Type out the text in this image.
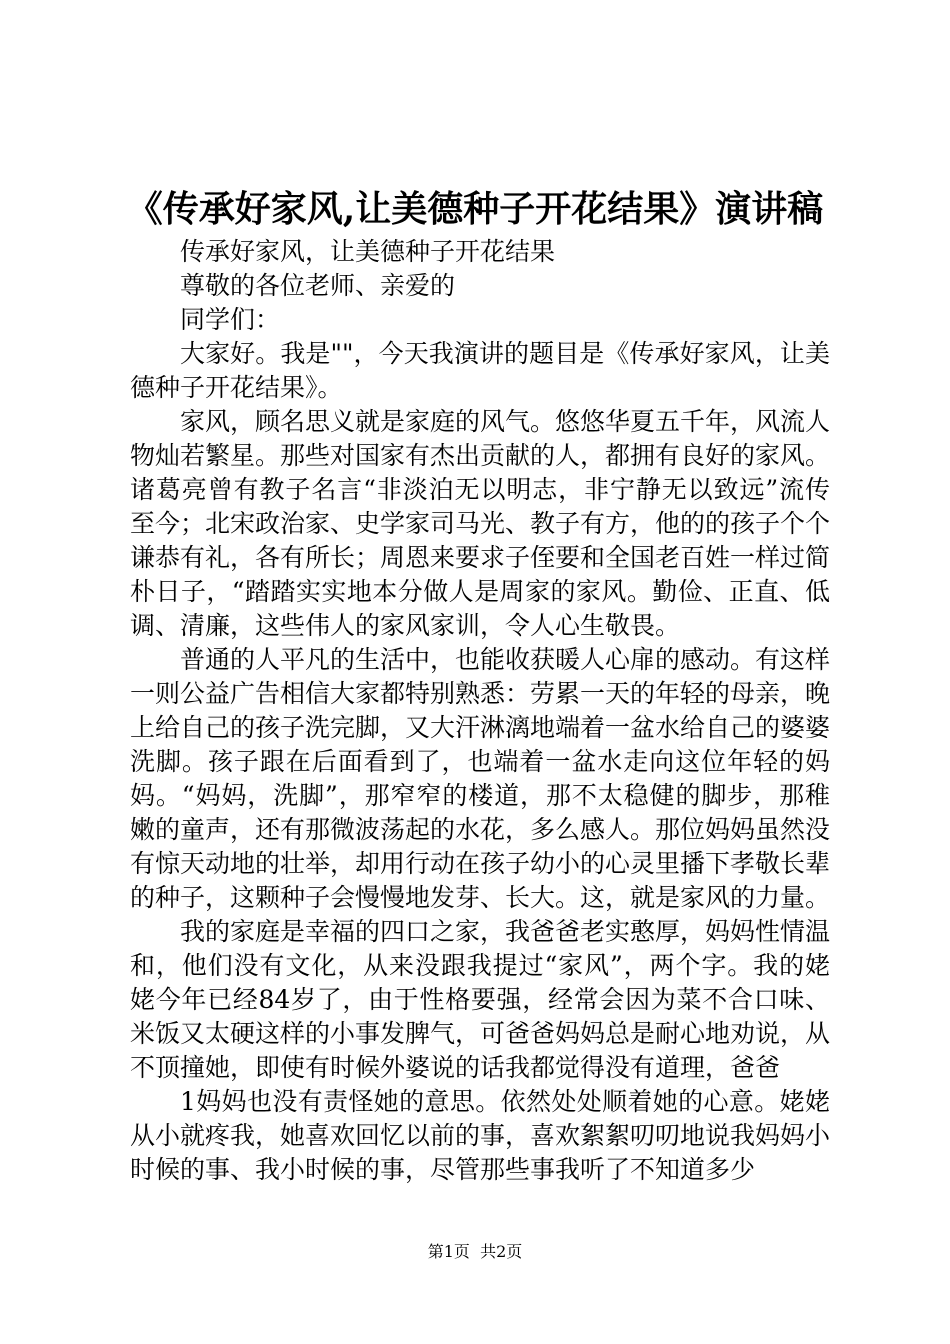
《传承好家风,让美德种子开花结果》演讲稿

传承好家风，让美德种子开花结果

尊敬的各位老师、亲爱的

同学们：

大家好。我是""，今天我演讲的题目是《传承好家风，让美德种子开花结果》。

家风，顾名思义就是家庭的风气。悠悠华夏五千年，风流人物灿若繁星。那些对国家有杰出贡献的人，都拥有良好的家风。诸葛亮曾有教子名言“非淡泊无以明志，非宁静无以致远”流传至今；北宋政治家、史学家司马光、教子有方，他的的孩子个个谦恭有礼，各有所长；周恩来要求子侄要和全国老百姓一样过简朴日子，“踏踏实实地本分做人是周家的家风。勤俭、正直、低调、清廉，这些伟人的家风家训，令人心生敬畏。

普通的人平凡的生活中，也能收获暖人心扉的感动。有这样一则公益广告相信大家都特别熟悉：劳累一天的年轻的母亲，晚上给自己的孩子洗完脚，又大汗淋漓地端着一盆水给自己的婆婆洗脚。孩子跟在后面看到了，也端着一盆水走向这位年轻的妈妈。“妈妈，洗脚”，那窄窄的楼道，那不太稳健的脚步，那稚嫩的童声，还有那微波荡起的水花，多么感人。那位妈妈虽然没有惊天动地的壮举，却用行动在孩子幼小的心灵里播下孝敬长辈的种子，这颗种子会慢慢地发芽、长大。这，就是家风的力量。

我的家庭是幸福的四口之家，我爸爸老实憨厚，妈妈性情温和，他们没有文化，从来没跟我提过“家风”，两个字。我的姥姥今年已经84岁了，由于性格要强，经常会因为菜不合口味、米饭又太硬这样的小事发脾气，可爸爸妈妈总是耐心地劝说，从不顶撞她，即使有时候外婆说的话我都觉得没有道理，爸爸

1妈妈也没有责怪她的意思。依然处处顺着她的心意。姥姥从小就疼我，她喜欢回忆以前的事，喜欢絮絮叨叨地说我妈妈小时候的事、我小时候的事，尽管那些事我听了不知道多少

第1页  共2页
